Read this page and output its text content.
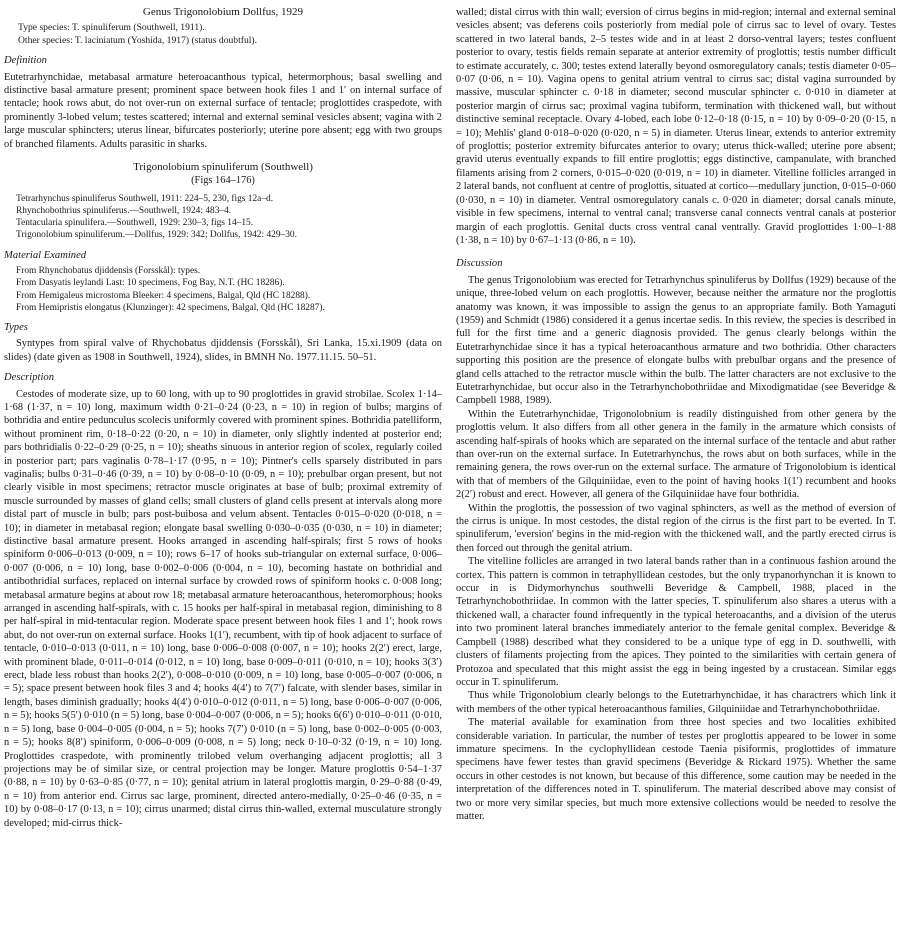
Genus Trigonolobium Dollfus, 1929

Type species: T. spinuliferum (Southwell, 1911).

Other species: T. laciniatum (Yoshida, 1917) (status doubtful).

Definition

Eutetrarhynchidae, metabasal armature heteroacanthous typical, hetermorphous; basal swelling and distinctive basal armature present; prominent space between hook files 1 and 1′ on internal surface of tentacle; hook rows abut, do not over-run on external surface of tentacle; proglottides craspedote, with prominently 3-lobed velum; testes scattered; internal and external seminal vesicles absent; vagina with 2 large muscular sphincters; uterus linear, bifurcates posteriorly; uterine pore absent; egg with two groups of branched filaments. Adults parasitic in sharks.

Trigonolobium spinuliferum (Southwell)
(Figs 164–176)

Tetrarhynchus spinuliferus Southwell, 1911: 224–5, 230, figs 12a–d.

Rhynchobothrius spinuliferus.—Southwell, 1924: 483–4.

Tentacularia spinulifera.—Southwell, 1929: 230–3, figs 14–15.

Trigonolobium spinuliferum.—Dollfus, 1929: 342; Dollfus, 1942: 429–30.

Material Examined

From Rhynchobatus djiddensis (Forsskål): types.

From Dasyatis leylandi Last: 10 specimens, Fog Bay, N.T. (HC 18286).

From Hemigaleus microstoma Bleeker: 4 specimens, Balgal, Qld (HC 18288).

From Hemipristis elongatus (Klunzinger): 42 specimens, Balgal, Qld (HC 18287).

Types

Syntypes from spiral valve of Rhychobatus djiddensis (Forsskål), Sri Lanka, 15.xi.1909 (data on slides) (date given as 1908 in Southwell, 1924), slides, in BMNH No. 1977.11.15. 50–51.

Description

Cestodes of moderate size, up to 60 long, with up to 90 proglottides in gravid strobilae. Scolex 1·14–1·68 (1·37, n = 10) long, maximum width 0·21–0·24 (0·23, n = 10) in region of bulbs; margins of bothridia and entire pedunculus scolecis uniformly covered with prominent spines. Bothridia patelliform, without prominent rim, 0·18–0·22 (0·20, n = 10) in diameter, only slightly indented at posterior end; pars bothridialis 0·22–0·29 (0·25, n = 10); sheaths sinuous in anterior region of scolex, regularly coiled in posterior part; pars vaginalis 0·78–1·17 (0·95, n = 10); Pintner's cells sparsely distributed in pars vaginalis; bulbs 0·31–0·46 (0·39, n = 10) by 0·08–0·10 (0·09, n = 10); prebulbar organ present, but not clearly visible in most specimens; retractor muscle originates at base of bulb; proximal extremity of muscle surrounded by masses of gland cells; small clusters of gland cells present at intervals along more distal part of muscle in bulb; pars post-buibosa and velum absent. Tentacles 0·015–0·020 (0·018, n = 10); in diameter in metabasal region; elongate basal swelling 0·030–0·035 (0·030, n = 10) in diameter; distinctive basal armature present. Hooks arranged in ascending half-spirals; first 5 rows of hooks spiniform 0·006–0·013 (0·009, n = 10); rows 6–17 of hooks sub-triangular on external surface, 0·006–0·007 (0·006, n = 10) long, base 0·002–0·006 (0·004, n = 10), becoming hastate on bothridial and antibothridial surfaces, replaced on internal surface by crowded rows of spiniform hooks c. 0·008 long; metabasal armature begins at about row 18; metabasal armature heteroacanthous, heteromorphous; hooks arranged in ascending half-spirals, with c. 15 hooks per half-spiral in metabasal region, diminishing to 8 per half-spiral in mid-tentacular region. Moderate space present between hook files 1 and 1′; hook rows abut, do not over-run on external surface. Hooks 1(1′), recumbent, with tip of hook adjacent to surface of tentacle, 0·010–0·013 (0·011, n = 10) long, base 0·006–0·008 (0·007, n = 10); hooks 2(2′) erect, large, with prominent blade, 0·011–0·014 (0·012, n = 10) long, base 0·009–0·011 (0·010, n = 10); hooks 3(3′) erect, blade less robust than hooks 2(2′), 0·008–0·010 (0·009, n = 10) long, base 0·005–0·007 (0·006, n = 5); space present between hook files 3 and 4; hooks 4(4′) to 7(7′) falcate, with slender bases, similar in length, bases diminish gradually; hooks 4(4′) 0·010–0·012 (0·011, n = 5) long, base 0·006–0·007 (0·006, n = 5); hooks 5(5′) 0·010 (n = 5) long, base 0·004–0·007 (0·006, n = 5); hooks 6(6′) 0·010–0·011 (0·010, n = 5) long, base 0·004–0·005 (0·004, n = 5); hooks 7(7′) 0·010 (n = 5) long, base 0·002–0·005 (0·003, n = 5); hooks 8(8′) spiniform, 0·006–0·009 (0·008, n = 5) long; neck 0·10–0·32 (0·19, n = 10) long. Proglottides craspedote, with prominently trilobed velum overhanging adjacent proglottis; all 3 projections may be of similar size, or central projection may be longer. Mature proglottis 0·54–1·37 (0·88, n = 10) by 0·63–0·85 (0·77, n = 10); genital atrium in lateral proglottis margin, 0·29–0·88 (0·49, n = 10) from anterior end. Cirrus sac large, prominent, directed antero-medially, 0·25–0·46 (0·35, n = 10) by 0·08–0·17 (0·13, n = 10); cirrus unarmed; distal cirrus thin-walled, external musculature strongly developed; mid-cirrus thick-

walled; distal cirrus with thin wall; eversion of cirrus begins in mid-region; internal and external seminal vesicles absent; vas deferens coils posteriorly from medial pole of cirrus sac to level of ovary. Testes scattered in two lateral bands, 2–5 testes wide and in at least 2 dorso-ventral layers; testes confluent posterior to ovary, testis fields remain separate at anterior extremity of proglottis; testis number difficult to estimate accurately, c. 300; testes extend laterally beyond osmoregulatory canals; testis diameter 0·05–0·07 (0·06, n = 10). Vagina opens to genital atrium ventral to cirrus sac; distal vagina surrounded by massive, muscular sphincter c. 0·18 in diameter; second muscular sphincter c. 0·010 in diameter at posterior margin of cirrus sac; proximal vagina tubiform, termination with thickened wall, but without distinctive seminal receptacle. Ovary 4-lobed, each lobe 0·12–0·18 (0·15, n = 10) by 0·09–0·20 (0·15, n = 10); Mehlis' gland 0·018–0·020 (0·020, n = 5) in diameter. Uterus linear, extends to anterior extremity of proglottis; posterior extremity bifurcates anterior to ovary; uterus thick-walled; uterine pore absent; gravid uterus eventually expands to fill entire proglottis; eggs distinctive, campanulate, with branched filaments arising from 2 corners, 0·015–0·020 (0·019, n = 10) in diameter. Vitelline follicles arranged in 2 lateral bands, not confluent at centre of proglottis, situated at cortico—medullary junction, 0·015–0·060 (0·030, n = 10) in diameter. Ventral osmoregulatory canals c. 0·020 in diameter; dorsal canals minute, visible in few specimens, internal to ventral canal; transverse canal connects ventral canals at posterior margin of each proglottis. Genital ducts cross ventral canal ventrally. Gravid proglottides 1·00–1·88 (1·38, n = 10) by 0·67–1·13 (0·86, n = 10).

Discussion

The genus Trigonolobium was erected for Tetrarhynchus spinuliferus by Dollfus (1929) because of the unique, three-lobed velum on each proglottis. However, because neither the armature nor the proglottis anatomy was known, it was impossible to assign the genus to an appropriate family. Both Yamaguti (1959) and Schmidt (1986) considered it a genus incertae sedis. In this review, the species is described in full for the first time and a generic diagnosis provided. The genus clearly belongs within the Eutetrarhynchidae since it has a typical heteroacanthous armature and two bothridia. Other characters supporting this position are the presence of elongate bulbs with prebulbar organs and the presence of gland cells attached to the retractor muscle within the bulb. The latter characters are not exclusive to the Eutetrarhynchidae, but occur also in the Tetrarhynchobothriidae and Mixodigmatidae (see Beveridge & Campbell 1988, 1989).

Within the Eutetrarhynchidae, Trigonolobnium is readily distinguished from other genera by the proglottis velum. It also differs from all other genera in the family in the armature which consists of ascending half-spirals of hooks which are separated on the internal surface of the tentacle and abut rather than over-run on the external surface. In Eutetrarhynchus, the rows abut on both surfaces, while in the remaining genera, the rows over-run on the external surface. The armature of Trigonolobium is identical with that of members of the Gilquiniidae, even to the point of having hooks 1(1′) recumbent and hooks 2(2′) robust and erect. However, all genera of the Gilquiniidae have four bothridia.

Within the proglottis, the possession of two vaginal sphincters, as well as the method of eversion of the cirrus is unique. In most cestodes, the distal region of the cirrus is the first part to be everted. In T. spinuliferum, 'eversion' begins in the mid-region with the thickened wall, and the partly erected cirrus is then forced out through the genital atrium.

The vitelline follicles are arranged in two lateral bands rather than in a continuous fashion around the cortex. This pattern is common in tetraphyllidean cestodes, but the only trypanorhynchan it is known to occur in is Didymorhynchus southwelli Beveridge & Campbell, 1988, placed in the Tetrarhynchobothriidae. In common with the latter species, T. spinuliferum also shares a uterus with a thickened wall, a character found infrequently in the typical heteroacanths, and a division of the uterus into two prominent lateral branches immediately anterior to the female genital complex. Beveridge & Campbell (1988) described what they considered to be a unique type of egg in D. southwelli, with clusters of filaments projecting from the apices. They pointed to the similarities with certain genera of Protozoa and speculated that this might assist the egg in being ingested by a crustacean. Similar eggs occur in T. spinuliferum.

Thus while Trigonolobium clearly belongs to the Eutetrarhynchidae, it has charactrers which link it with members of the other typical heteroacanthous families, Gilquiniidae and Tetrarhynchobothriidae.

The material available for examination from three host species and two localities exhibited considerable variation. In particular, the number of testes per proglottis appeared to be lower in some immature specimens. In the cyclophyllidean cestode Taenia pisiformis, proglottides of immature specimens have fewer testes than gravid specimens (Beveridge & Rickard 1975). Whether the same occurs in other cestodes is not known, but because of this difference, some caution may be needed in the interpretation of the differences noted in T. spinuliferum. The material described above may consist of two or more very similar species, but much more extensive collections would be needed to resolve the matter.
